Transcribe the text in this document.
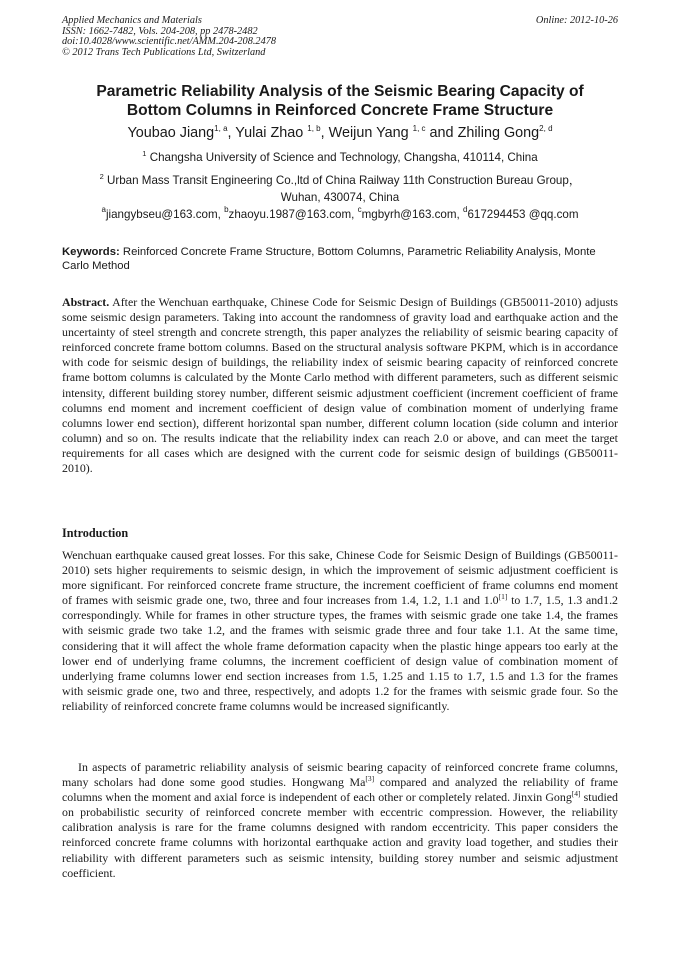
Applied Mechanics and Materials
ISSN: 1662-7482, Vols. 204-208, pp 2478-2482
doi:10.4028/www.scientific.net/AMM.204-208.2478
© 2012 Trans Tech Publications Ltd, Switzerland
Online: 2012-10-26
Parametric Reliability Analysis of the Seismic Bearing Capacity of
Bottom Columns in Reinforced Concrete Frame Structure
Youbao Jiang$^{1, a}$, Yulai Zhao $^{1, b}$, Weijun Yang $^{1, c}$ and Zhiling Gong$^{2, d}$
$^1$ Changsha University of Science and Technology, Changsha, 410114, China
$^2$ Urban Mass Transit Engineering Co.,ltd of China Railway 11th Construction Bureau Group，
Wuhan, 430074, China
$^a$jiangybseu@163.com, $^b$zhaoyu.1987@163.com, $^c$mgbyrh@163.com, $^d$617294453 @qq.com
Keywords: Reinforced Concrete Frame Structure, Bottom Columns, Parametric Reliability Analysis, Monte Carlo Method
Abstract. After the Wenchuan earthquake, Chinese Code for Seismic Design of Buildings (GB50011-2010) adjusts some seismic design parameters. Taking into account the randomness of gravity load and earthquake action and the uncertainty of steel strength and concrete strength, this paper analyzes the reliability of seismic bearing capacity of reinforced concrete frame bottom columns. Based on the structural analysis software PKPM, which is in accordance with code for seismic design of buildings, the reliability index of seismic bearing capacity of reinforced concrete frame bottom columns is calculated by the Monte Carlo method with different parameters, such as different seismic intensity, different building storey number, different seismic adjustment coefficient (increment coefficient of frame columns end moment and increment coefficient of design value of combination moment of underlying frame columns lower end section), different horizontal span number, different column location (side column and interior column) and so on. The results indicate that the reliability index can reach 2.0 or above, and can meet the target requirements for all cases which are designed with the current code for seismic design of buildings (GB50011-2010).
Introduction
Wenchuan earthquake caused great losses. For this sake, Chinese Code for Seismic Design of Buildings (GB50011-2010) sets higher requirements to seismic design, in which the improvement of seismic adjustment coefficient is more significant. For reinforced concrete frame structure, the increment coefficient of frame columns end moment of frames with seismic grade one, two, three and four increases from 1.4, 1.2, 1.1 and 1.0[1] to 1.7, 1.5, 1.3 and1.2 correspondingly. While for frames in other structure types, the frames with seismic grade one take 1.4, the frames with seismic grade two take 1.2, and the frames with seismic grade three and four take 1.1. At the same time, considering that it will affect the whole frame deformation capacity when the plastic hinge appears too early at the lower end of underlying frame columns, the increment coefficient of design value of combination moment of underlying frame columns lower end section increases from 1.5, 1.25 and 1.15 to 1.7, 1.5 and 1.3 for the frames with seismic grade one, two and three, respectively, and adopts 1.2 for the frames with seismic grade four. So the reliability of reinforced concrete frame columns would be increased significantly.
In aspects of parametric reliability analysis of seismic bearing capacity of reinforced concrete frame columns, many scholars had done some good studies. Hongwang Ma[3] compared and analyzed the reliability of frame columns when the moment and axial force is independent of each other or completely related. Jinxin Gong[4] studied on probabilistic security of reinforced concrete member with eccentric compression. However, the reliability calibration analysis is rare for the frame columns designed with random eccentricity. This paper considers the reinforced concrete frame columns with horizontal earthquake action and gravity load together, and studies their reliability with different parameters such as seismic intensity, building storey number and seismic adjustment coefficient.
